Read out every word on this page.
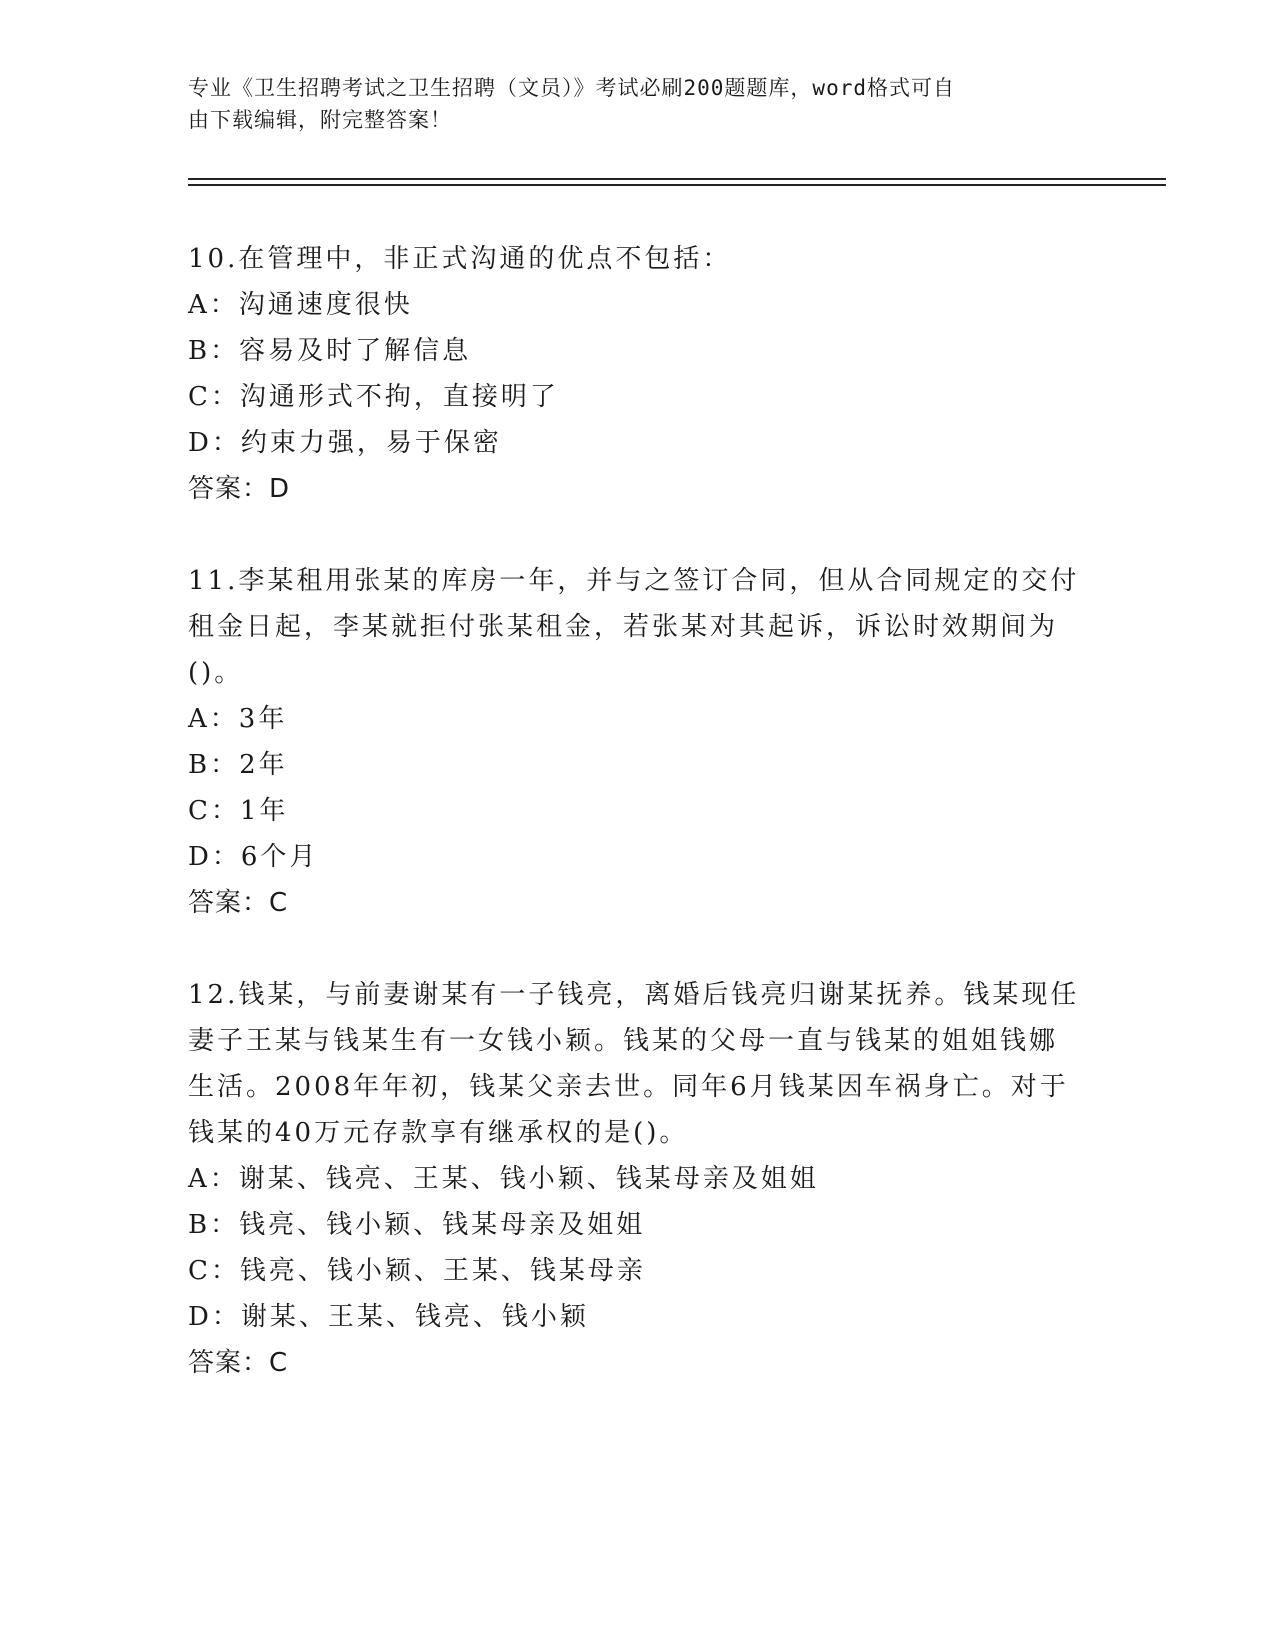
专业《卫生招聘考试之卫生招聘（文员）》考试必刷200题题库，word格式可自
由下载编辑，附完整答案！
10.在管理中，非正式沟通的优点不包括：
A：沟通速度很快
B：容易及时了解信息
C：沟通形式不拘，直接明了
D：约束力强，易于保密
答案：D
11.李某租用张某的库房一年，并与之签订合同，但从合同规定的交付
租金日起，李某就拒付张某租金，若张某对其起诉，诉讼时效期间为
()。
A：3年
B：2年
C：1年
D：6个月
答案：C
12.钱某，与前妻谢某有一子钱亮，离婚后钱亮归谢某抚养。钱某现任
妻子王某与钱某生有一女钱小颖。钱某的父母一直与钱某的姐姐钱娜
生活。2008年年初，钱某父亲去世。同年6月钱某因车祸身亡。对于
钱某的40万元存款享有继承权的是()。
A：谢某、钱亮、王某、钱小颖、钱某母亲及姐姐
B：钱亮、钱小颖、钱某母亲及姐姐
C：钱亮、钱小颖、王某、钱某母亲
D：谢某、王某、钱亮、钱小颖
答案：C
